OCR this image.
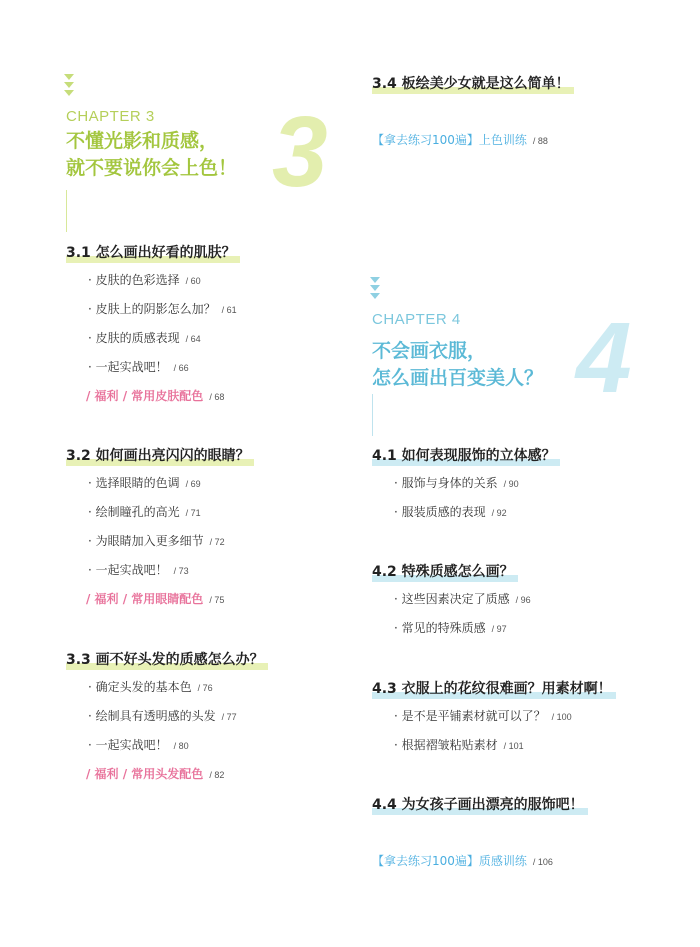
3
CHAPTER 3
不懂光影和质感，
就不要说你会上色！
3.1 怎么画出好看的肌肤？
· 皮肤的色彩选择 / 60
· 皮肤上的阴影怎么加？ / 61
· 皮肤的质感表现 / 64
· 一起实战吧！ / 66
/ 福利 / 常用皮肤配色 / 68
3.2 如何画出亮闪闪的眼睛？
· 选择眼睛的色调 / 69
· 绘制瞳孔的高光 / 71
· 为眼睛加入更多细节 / 72
· 一起实战吧！ / 73
/ 福利 / 常用眼睛配色 / 75
3.3 画不好头发的质感怎么办？
· 确定头发的基本色 / 76
· 绘制具有透明感的头发 / 77
· 一起实战吧！ / 80
/ 福利 / 常用头发配色 / 82
3.4 板绘美少女就是这么简单！
【拿去练习100遍】上色训练 / 88
4
CHAPTER 4
不会画衣服，
怎么画出百变美人？
4.1 如何表现服饰的立体感？
· 服饰与身体的关系 / 90
· 服装质感的表现 / 92
4.2 特殊质感怎么画？
· 这些因素决定了质感 / 96
· 常见的特殊质感 / 97
4.3 衣服上的花纹很难画？用素材啊！
· 是不是平铺素材就可以了？ / 100
· 根据褶皱粘贴素材 / 101
4.4 为女孩子画出漂亮的服饰吧！
【拿去练习100遍】质感训练 / 106
